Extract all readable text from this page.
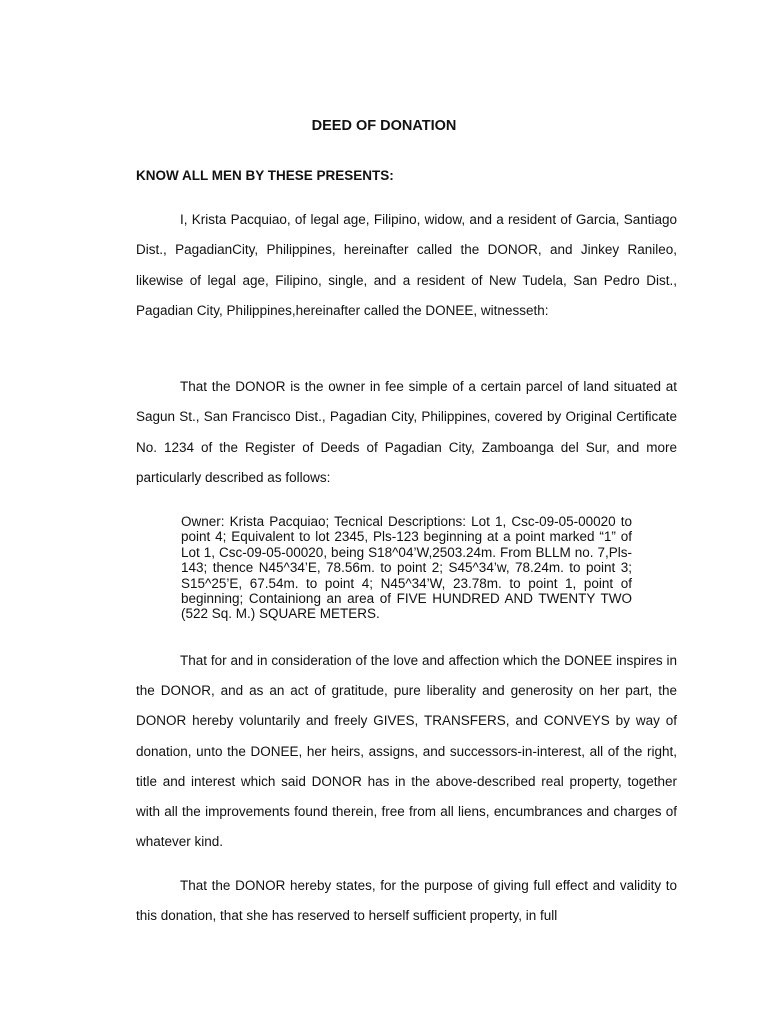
DEED OF DONATION
KNOW ALL MEN BY THESE PRESENTS:

I, Krista Pacquiao, of legal age, Filipino, widow, and a resident of Garcia, Santiago Dist., PagadianCity, Philippines, hereinafter called the DONOR, and Jinkey Ranileo, likewise of legal age, Filipino, single, and a resident of New Tudela, San Pedro Dist., Pagadian City, Philippines,hereinafter called the DONEE, witnesseth:

That the DONOR is the owner in fee simple of a certain parcel of land situated at Sagun St., San Francisco Dist., Pagadian City, Philippines, covered by Original Certificate No. 1234 of the Register of Deeds of Pagadian City, Zamboanga del Sur, and more particularly described as follows:

Owner: Krista Pacquiao; Tecnical Descriptions: Lot 1, Csc-09-05-00020 to point 4; Equivalent to lot 2345, Pls-123 beginning at a point marked “1” of Lot 1, Csc-09-05-00020, being S18^04’W,2503.24m. From BLLM no. 7,Pls-143; thence N45^34’E, 78.56m. to point 2; S45^34’w, 78.24m. to point 3; S15^25’E, 67.54m. to point 4; N45^34’W, 23.78m. to point 1, point of beginning; Containiong an area of FIVE HUNDRED AND TWENTY TWO (522 Sq. M.) SQUARE METERS.

That for and in consideration of the love and affection which the DONEE inspires in the DONOR, and as an act of gratitude, pure liberality and generosity on her part, the DONOR hereby voluntarily and freely GIVES, TRANSFERS, and CONVEYS by way of donation, unto the DONEE, her heirs, assigns, and successors-in-interest, all of the right, title and interest which said DONOR has in the above-described real property, together with all the improvements found therein, free from all liens, encumbrances and charges of whatever kind.

That the DONOR hereby states, for the purpose of giving full effect and validity to this donation, that she has reserved to herself sufficient property, in full
